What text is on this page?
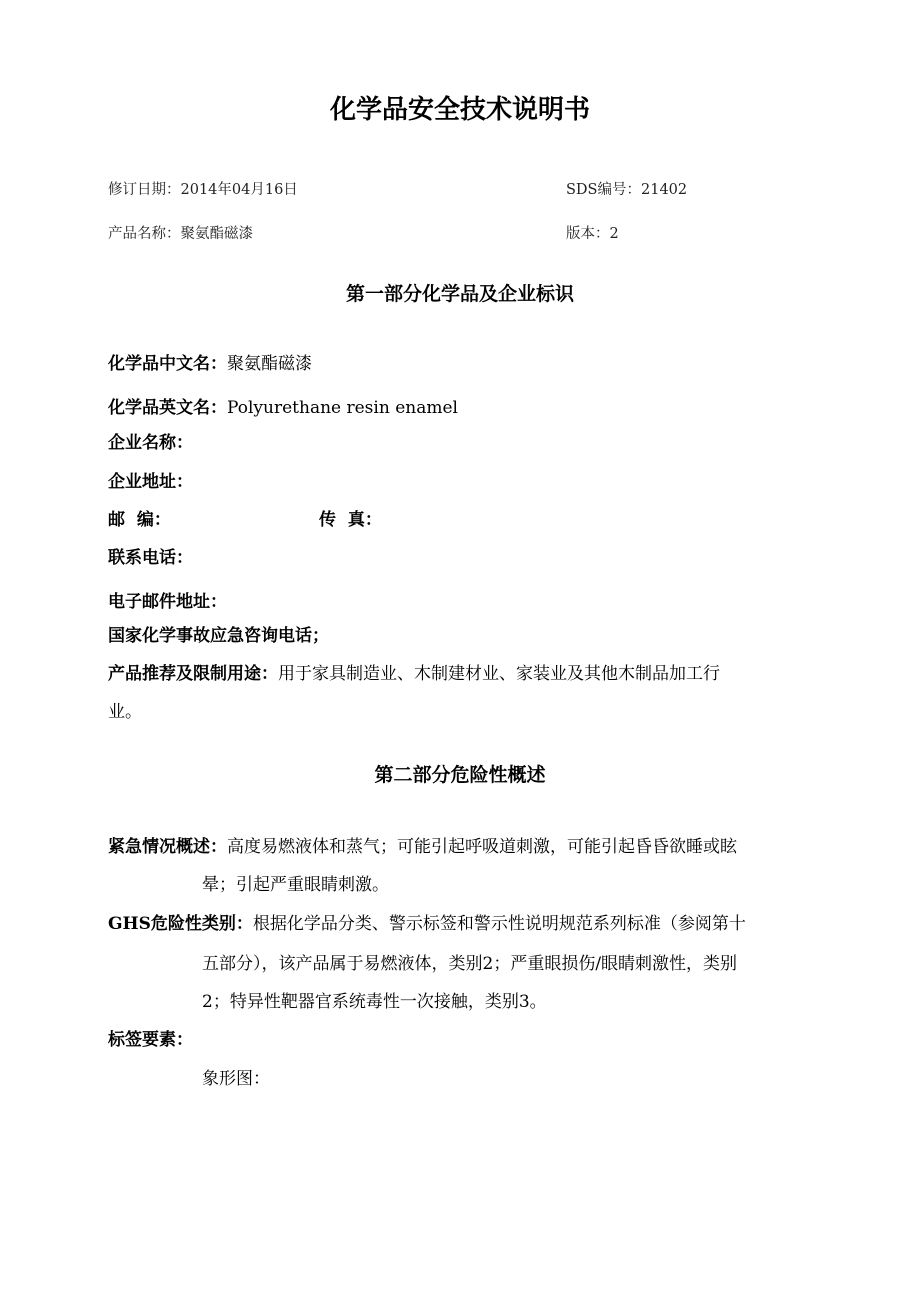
化学品安全技术说明书
修订日期：2014年04月16日	SDS编号：21402
产品名称：聚氨酯磁漆	版本：2
第一部分化学品及企业标识
化学品中文名：聚氨酯磁漆
化学品英文名：Polyurethane resin enamel
企业名称：
企业地址：
邮  编：	传  真：
联系电话：
电子邮件地址：
国家化学事故应急咨询电话；
产品推荐及限制用途：用于家具制造业、木制建材业、家装业及其他木制品加工行
业。
第二部分危险性概述
紧急情况概述：高度易燃液体和蒸气；可能引起呼吸道刺激，可能引起昏昏欲睡或眩
晕；引起严重眼睛刺激。
GHS危险性类别：根据化学品分类、警示标签和警示性说明规范系列标准（参阅第十
五部分），该产品属于易燃液体，类别2；严重眼损伤/眼睛刺激性，类别
2；特异性靶器官系统毒性一次接触，类别3。
标签要素：
象形图：
